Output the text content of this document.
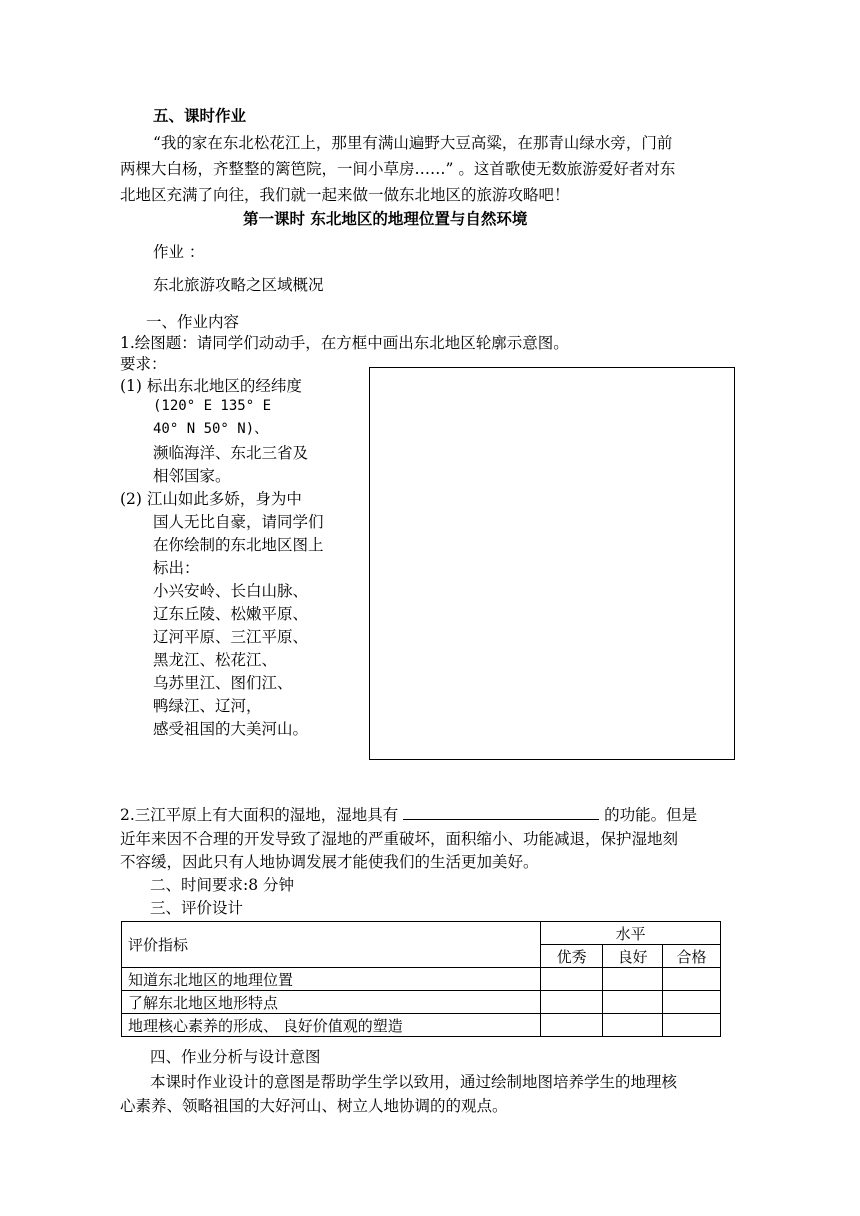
五、课时作业
“我的家在东北松花江上，那里有满山遍野大豆高粱，在那青山绿水旁，门前
两棵大白杨，齐整整的篱笆院，一间小草房……” 。这首歌使无数旅游爱好者对东
北地区充满了向往，我们就一起来做一做东北地区的旅游攻略吧！
第一课时 东北地区的地理位置与自然环境
作业 ：
东北旅游攻略之区域概况
一、作业内容
1.绘图题：请同学们动动手，在方框中画出东北地区轮廓示意图。
要求：
(1) 标出东北地区的经纬度
(120° E 135° E
40° N 50° N)、
濒临海洋、东北三省及
相邻国家。
(2) 江山如此多娇，身为中
国人无比自豪，请同学们
在你绘制的东北地区图上
标出：
小兴安岭、长白山脉、
辽东丘陵、松嫩平原、
辽河平原、三江平原、
黑龙江、松花江、
乌苏里江、图们江、
鸭绿江、辽河，
感受祖国的大美河山。
2.三江平原上有大面积的湿地，湿地具有	的功能。但是
近年来因不合理的开发导致了湿地的严重破坏，面积缩小、功能减退，保护湿地刻
不容缓，因此只有人地协调发展才能使我们的生活更加美好。
二、时间要求:8 分钟
三、评价设计
评价指标	水平		
	优秀	良好	合格
知道东北地区的地理位置			
了解东北地区地形特点			
地理核心素养的形成、 良好价值观的塑造			
四、作业分析与设计意图
本课时作业设计的意图是帮助学生学以致用，通过绘制地图培养学生的地理核
心素养、领略祖国的大好河山、树立人地协调的的观点。
